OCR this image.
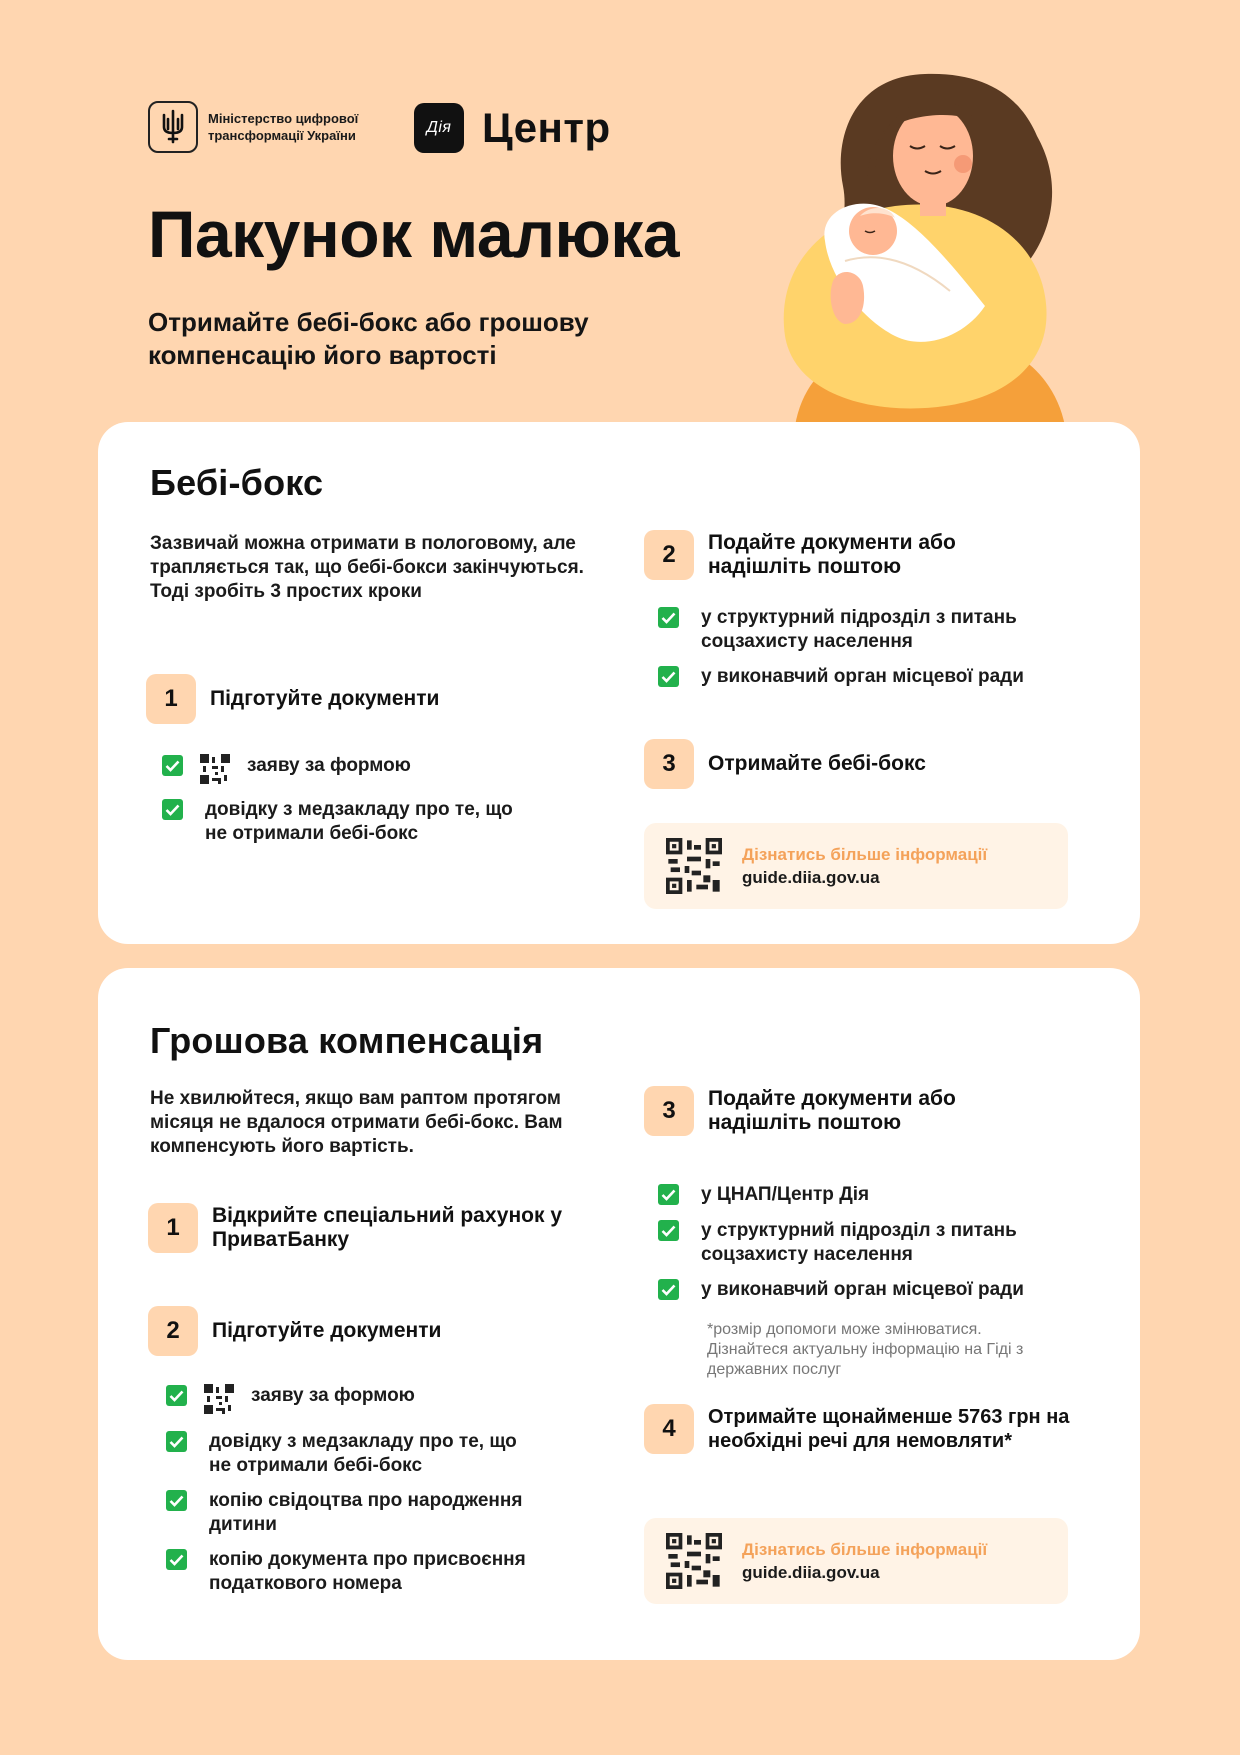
Міністерство цифрової трансформації України	Дія Центр
Пакунок малюка
Отримайте бебі-бокс або грошову компенсацію його вартості
Бебі-бокс
Зазвичай можна отримати в пологовому, але трапляється так, що бебі-бокси закінчуються. Тоді зробіть 3 простих кроки
1	Підготуйте документи
заяву за формою
довідку з медзакладу про те, що не отримали бебі-бокс
2	Подайте документи або надішліть поштою
у структурний підрозділ з питань соцзахисту населення
у виконавчий орган місцевої ради
3	Отримайте бебі-бокс
Дізнатись більше інформації
guide.diia.gov.ua
Грошова компенсація
Не хвилюйтеся, якщо вам раптом протягом місяця не вдалося отримати бебі-бокс. Вам компенсують його вартість.
1	Відкрийте спеціальний рахунок у ПриватБанку
2	Підготуйте документи
заяву за формою
довідку з медзакладу про те, що не отримали бебі-бокс
копію свідоцтва про народження дитини
копію документа про присвоєння податкового номера
3	Подайте документи або надішліть поштою
у ЦНАП/Центр Дія
у структурний підрозділ з питань соцзахисту населення
у виконавчий орган місцевої ради
*розмір допомоги може змінюватися. Дізнайтеся актуальну інформацію на Гіді з державних послуг
4	Отримайте щонайменше 5763 грн на необхідні речі для немовляти*
Дізнатись більше інформації
guide.diia.gov.ua
